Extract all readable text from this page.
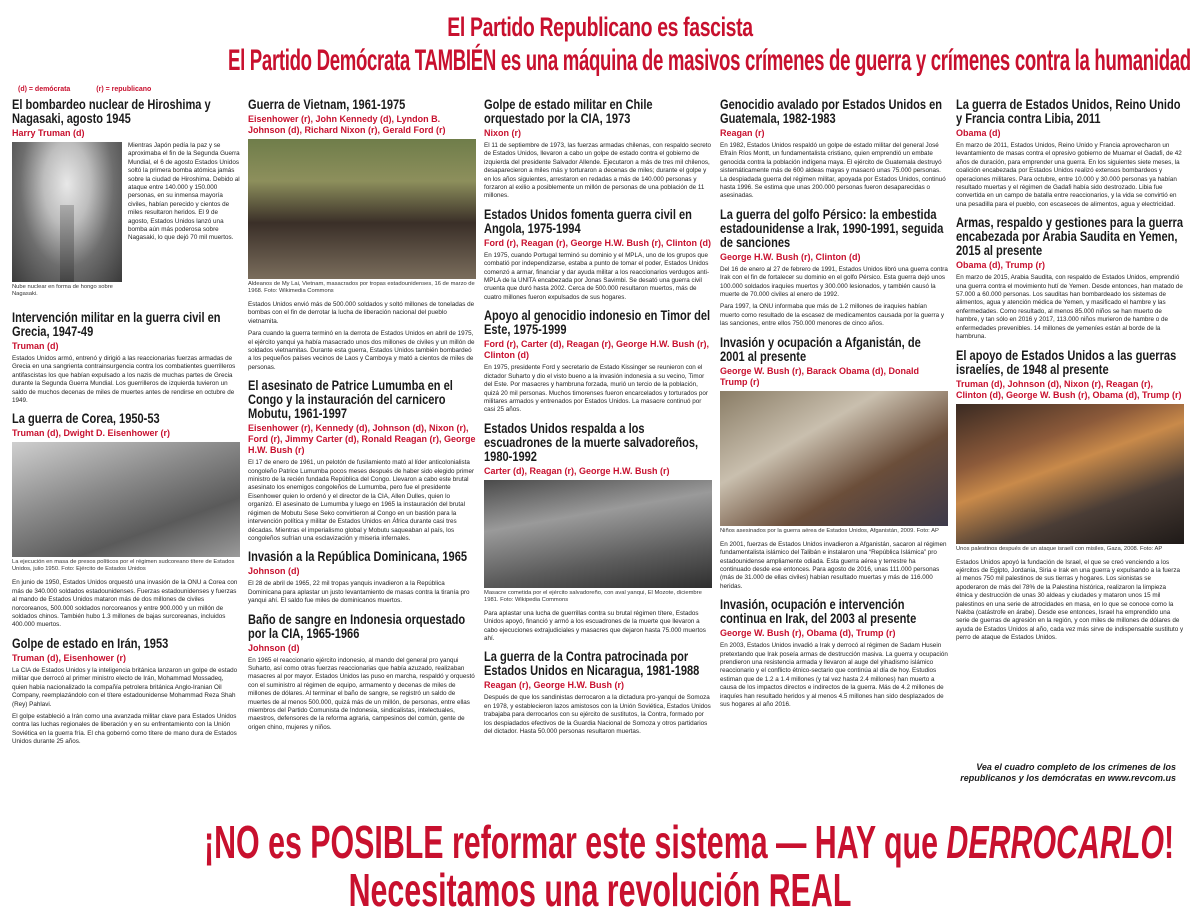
El Partido Republicano es fascista
El Partido Demócrata TAMBIÉN es una máquina de masivos crímenes de guerra y crímenes contra la humanidad
(d) = demócrata	(r) = republicano
El bombardeo nuclear de Hiroshima y Nagasaki, agosto 1945
Harry Truman (d)
Nube nuclear en forma de hongo sobre Nagasaki.

Mientras Japón pedía la paz y se aproximaba el fin de la Segunda Guerra Mundial, el 6 de agosto Estados Unidos soltó la primera bomba atómica jamás sobre la ciudad de Hiroshima. Debido al ataque entre 140.000 y 150.000 personas, en su inmensa mayoría civiles, habían perecido y cientos de miles resultaron heridos. El 9 de agosto, Estados Unidos lanzó una bomba aún más poderosa sobre Nagasaki, lo que dejó 70 mil muertos.

Intervención militar en la guerra civil en Grecia, 1947-49
Truman (d)

Estados Unidos armó, entrenó y dirigió a las reaccionarias fuerzas armadas de Grecia en una sangrienta contrainsurgencia contra los combatientes guerrilleros antifascistas los que habían expulsado a los nazis de muchas partes de Grecia durante la Segunda Guerra Mundial. Los guerrilleros de izquierda tuvieron un saldo de muchos decenas de miles de muertes antes de rendirse en octubre de 1949.

La guerra de Corea, 1950-53
Truman (d), Dwight D. Eisenhower (r)
La ejecución en masa de presos políticos por el régimen sudcoreano títere de Estados Unidos, julio 1950. Foto: Ejército de Estados Unidos

En junio de 1950, Estados Unidos orquestó una invasión de la ONU a Corea con más de 340.000 soldados estadounidenses. Fuerzas estadounidenses y fuerzas al mando de Estados Unidos mataron más de dos millones de civiles norcoreanos, 500.000 soldados norcoreanos y entre 900.000 y un millón de soldados chinos. También hubo 1.3 millones de bajas surcoreanas, incluidos 400.000 muertos.

Golpe de estado en Irán, 1953
Truman (d), Eisenhower (r)

La CIA de Estados Unidos y la inteligencia británica lanzaron un golpe de estado militar que derrocó al primer ministro electo de Irán, Mohammad Mossadeq, quien había nacionalizado la compañía petrolera británica Anglo-Iranian Oil Company, reemplazándolo con el títere estadounidense Mohammad Reza Shah (Rey) Pahlavi.

El golpe estableció a Irán como una avanzada militar clave para Estados Unidos contra las luchas regionales de liberación y en su enfrentamiento con la Unión Soviética en la guerra fría. El cha gobernó como títere de mano dura de Estados Unidos durante 25 años.

Guerra de Vietnam, 1961-1975
Eisenhower (r), John Kennedy (d), Lyndon B. Johnson (d), Richard Nixon (r), Gerald Ford (r)
Aldeanos de My Lai, Vietnam, masacrados por tropas estadounidenses, 16 de marzo de 1968. Foto: Wikimedia Commons

Estados Unidos envió más de 500.000 soldados y soltó millones de toneladas de bombas con el fin de derrotar la lucha de liberación nacional del pueblo vietnamita.

Para cuando la guerra terminó en la derrota de Estados Unidos en abril de 1975, el ejército yanqui ya había masacrado unos dos millones de civiles y un millón de soldados vietnamitas. Durante esta guerra, Estados Unidos también bombardeó a los pequeños países vecinos de Laos y Camboya y mató a cientos de miles de personas.

El asesinato de Patrice Lumumba en el Congo y la instauración del carnicero Mobutu, 1961-1997
Eisenhower (r), Kennedy (d), Johnson (d), Nixon (r), Ford (r), Jimmy Carter (d), Ronald Reagan (r), George H.W. Bush (r)

El 17 de enero de 1961, un pelotón de fusilamiento mató al líder anticolonialista congoleño Patrice Lumumba pocos meses después de haber sido elegido primer ministro de la recién fundada República del Congo. Llevaron a cabo este brutal asesinato los enemigos congoleños de Lumumba, pero fue el presidente Eisenhower quien lo ordenó y el director de la CIA, Allen Dulles, quien lo organizó. El asesinato de Lumumba y luego en 1965 la instauración del brutal régimen de Mobutu Sese Seko convirtieron al Congo en un bastión para la intervención política y militar de Estados Unidos en África durante casi tres décadas. Mientras el imperialismo global y Mobutu saqueaban al país, los congoleños sufrían una esclavización y miseria infernales.

Invasión a la República Dominicana, 1965
Johnson (d)

El 28 de abril de 1965, 22 mil tropas yanquis invadieron a la República Dominicana para aplastar un justo levantamiento de masas contra la tiranía pro yanqui ahí. El saldo fue miles de dominicanos muertos.

Baño de sangre en Indonesia orquestado por la CIA, 1965-1966
Johnson (d)

En 1965 el reaccionario ejército indonesio, al mando del general pro yanqui Suharto, así como otras fuerzas reaccionarias que había azuzado, realizaban masacres al por mayor. Estados Unidos las puso en marcha, respaldó y orquestó con el suministro al régimen de equipo, armamento y decenas de miles de millones de dólares. Al terminar el baño de sangre, se registró un saldo de muertes de al menos 500.000, quizá más de un millón, de personas, entre ellas miembros del Partido Comunista de Indonesia, sindicalistas, intelectuales, maestros, defensores de la reforma agraria, campesinos del común, gente de origen chino, mujeres y niños.

Golpe de estado militar en Chile orquestado por la CIA, 1973
Nixon (r)

El 11 de septiembre de 1973, las fuerzas armadas chilenas, con respaldo secreto de Estados Unidos, llevaron a cabo un golpe de estado contra el gobierno de izquierda del presidente Salvador Allende. Ejecutaron a más de tres mil chilenos, desaparecieron a miles más y torturaron a decenas de miles; durante el golpe y en los años siguientes, arrestaron en redadas a más de 140.000 personas y forzaron al exilio a posiblemente un millón de personas de una población de 11 millones.

Estados Unidos fomenta guerra civil en Angola, 1975-1994
Ford (r), Reagan (r), George H.W. Bush (r), Clinton (d)

En 1975, cuando Portugal terminó su dominio y el MPLA, uno de los grupos que combatió por independizarse, estaba a punto de tomar el poder, Estados Unidos comenzó a armar, financiar y dar ayuda militar a los reaccionarios verdugos anti-MPLA de la UNITA encabezada por Jonas Savimbi. Se desató una guerra civil cruenta que duró hasta 2002. Cerca de 500.000 resultaron muertos, más de cuatro millones fueron expulsados de sus hogares.

Apoyo al genocidio indonesio en Timor del Este, 1975-1999
Ford (r), Carter (d), Reagan (r), George H.W. Bush (r), Clinton (d)

En 1975, presidente Ford y secretario de Estado Kissinger se reunieron con el dictador Suharto y dio el visto bueno a la invasión indonesia a su vecino, Timor del Este. Por masacres y hambruna forzada, murió un tercio de la población, quizá 20 mil personas. Muchos timorenses fueron encarcelados y torturados por militares armados y entrenados por Estados Unidos. La masacre continuó por casi 25 años.

Estados Unidos respalda a los escuadrones de la muerte salvadoreños, 1980-1992
Carter (d), Reagan (r), George H.W. Bush (r)
Masacre cometida por el ejército salvadoreño, con aval yanqui, El Mozote, diciembre 1981. Foto: Wikipedia Commons

Para aplastar una lucha de guerrillas contra su brutal régimen títere, Estados Unidos apoyó, financió y armó a los escuadrones de la muerte que llevaron a cabo ejecuciones extrajudiciales y masacres que dejaron hasta 75.000 muertos ahí.

La guerra de la Contra patrocinada por Estados Unidos en Nicaragua, 1981-1988
Reagan (r), George H.W. Bush (r)

Después de que los sandinistas derrocaron a la dictadura pro-yanqui de Somoza en 1978, y establecieron lazos amistosos con la Unión Soviética, Estados Unidos trabajaba para derrocarlos con su ejército de sustitutos, la Contra, formado por los despiadados efectivos de la Guardia Nacional de Somoza y otros partidarios del dictador. Hasta 50.000 personas resultaron muertas.

Genocidio avalado por Estados Unidos en Guatemala, 1982-1983
Reagan (r)

En 1982, Estados Unidos respaldó un golpe de estado militar del general José Efraín Ríos Montt, un fundamentalista cristiano, quien emprendió un embate genocida contra la población indígena maya. El ejército de Guatemala destruyó sistemáticamente más de 600 aldeas mayas y masacró unas 75.000 personas. La despiadada guerra del régimen militar, apoyada por Estados Unidos, continuó hasta 1996. Se estima que unas 200.000 personas fueron desaparecidas o asesinadas.

La guerra del golfo Pérsico: la embestida estadounidense a Irak, 1990-1991, seguida de sanciones
George H.W. Bush (r), Clinton (d)

Del 16 de enero al 27 de febrero de 1991, Estados Unidos libró una guerra contra Irak con el fin de fortalecer su dominio en el golfo Pérsico. Esta guerra dejó unos 100.000 soldados iraquíes muertos y 300.000 lesionados, y también causó la muerte de 70.000 civiles al enero de 1992.

Para 1997, la ONU informaba que más de 1.2 millones de iraquíes habían muerto como resultado de la escasez de medicamentos causada por la guerra y las sanciones, entre ellos 750.000 menores de cinco años.

Invasión y ocupación a Afganistán, de 2001 al presente
George W. Bush (r), Barack Obama (d), Donald Trump (r)
Niños asesinados por la guerra aérea de Estados Unidos, Afganistán, 2009. Foto: AP

En 2001, fuerzas de Estados Unidos invadieron a Afganistán, sacaron al régimen fundamentalista islámico del Talibán e instalaron una “República Islámica” pro estadounidense ampliamente odiada. Esta guerra aérea y terrestre ha continuado desde ese entonces. Para agosto de 2016, unas 111.000 personas (más de 31.000 de ellas civiles) habían resultado muertas y más de 116.000 heridas.

Invasión, ocupación e intervención continua en Irak, del 2003 al presente
George W. Bush (r), Obama (d), Trump (r)

En 2003, Estados Unidos invadió a Irak y derrocó al régimen de Sadam Husein pretextando que Irak poseía armas de destrucción masiva. La guerra y ocupación prendieron una resistencia armada y llevaron al auge del yihadismo islámico reaccionario y el conflicto étnico-sectario que continúa al día de hoy. Estudios estiman que de 1.2 a 1.4 millones (y tal vez hasta 2.4 millones) han muerto a causa de los impactos directos e indirectos de la guerra. Más de 4.2 millones de iraquíes han resultado heridos y al menos 4.5 millones han sido desplazados de sus hogares al año 2016.

La guerra de Estados Unidos, Reino Unido y Francia contra Libia, 2011
Obama (d)

En marzo de 2011, Estados Unidos, Reino Unido y Francia aprovecharon un levantamiento de masas contra el opresivo gobierno de Muamar el Gadafi, de 42 años de duración, para emprender una guerra. En los siguientes siete meses, la coalición encabezada por Estados Unidos realizó extensos bombardeos y operaciones militares. Para octubre, entre 10.000 y 30.000 personas ya habían resultado muertas y el régimen de Gadafi había sido destrozado. Libia fue convertida en un campo de batalla entre reaccionarios, y la vida se convirtió en una pesadilla para el pueblo, con escaseces de alimentos, agua y electricidad.

Armas, respaldo y gestiones para la guerra encabezada por Arabia Saudita en Yemen, 2015 al presente
Obama (d), Trump (r)

En marzo de 2015, Arabia Saudita, con respaldo de Estados Unidos, emprendió una guerra contra el movimiento hutí de Yemen. Desde entonces, han matado de 57.000 a 60.000 personas. Los sauditas han bombardeado los sistemas de alimentos, agua y atención médica de Yemen, y masificado el hambre y las enfermedades. Como resultado, al menos 85.000 niños se han muerto de hambre, y tan sólo en 2016 y 2017, 113.000 niños murieron de hambre o de enfermedades prevenibles. 14 millones de yemeníes están al borde de la hambruna.

El apoyo de Estados Unidos a las guerras israelíes, de 1948 al presente
Truman (d), Johnson (d), Nixon (r), Reagan (r), Clinton (d), George W. Bush (r), Obama (d), Trump (r)
Unos palestinos después de un ataque israelí con misiles, Gaza, 2008. Foto: AP

Estados Unidos apoyó la fundación de Israel, el que se creó venciendo a los ejércitos de Egipto, Jordania, Siria e Irak en una guerra y expulsando a la fuerza al menos 750 mil palestinos de sus tierras y hogares. Los sionistas se apoderaron de más del 78% de la Palestina histórica, realizaron la limpieza étnica y destrucción de unas 30 aldeas y ciudades y mataron unos 15 mil palestinos en una serie de atrocidades en masa, en lo que se conoce como la Nakba (catástrofe en árabe). Desde ese entonces, Israel ha emprendido una serie de guerras de agresión en la región, y con miles de millones de dólares de ayuda de Estados Unidos al año, cada vez más sirve de indispensable sustituto y perro de ataque de Estados Unidos.

Vea el cuadro completo de los crímenes de los republicanos y los demócratas en www.revcom.us
¡NO es POSIBLE reformar este sistema — HAY que DERROCARLO!
Necesitamos una revolución REAL
